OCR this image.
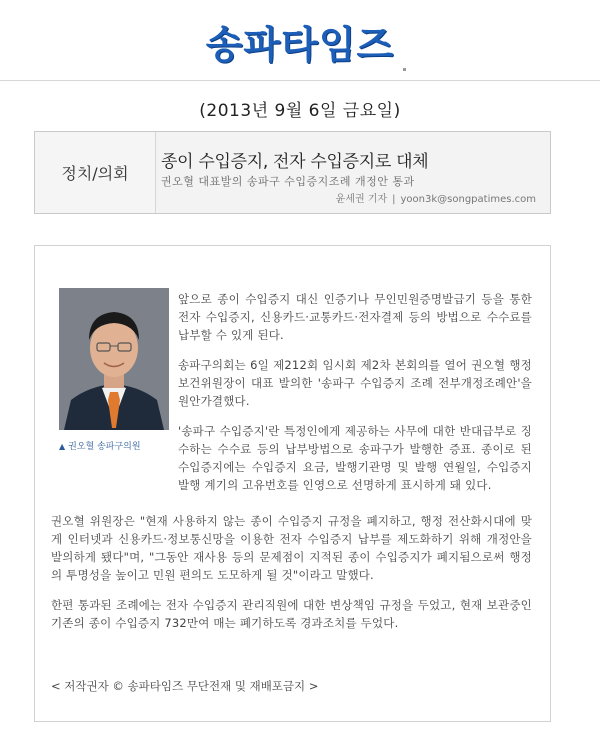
송파타임즈
(2013년 9월 6일 금요일)
정치/의회
종이 수입증지, 전자 수입증지로 대체
권오혈 대표발의 송파구 수입증지조례 개정안 통과
윤세권 기자 | yoon3k@songpatimes.com
▲ 권오혈 송파구의원
앞으로 종이 수입증지 대신 인증기나 무인민원증명발급기 등을 통한 전자 수입증지, 신용카드·교통카드·전자결제 등의 방법으로 수수료를 납부할 수 있게 된다.
송파구의회는 6일 제212회 임시회 제2차 본회의를 열어 권오혈 행정보건위원장이 대표 발의한 '송파구 수입증지 조례 전부개정조례안'을 원안가결했다.
'송파구 수입증지'란 특정인에게 제공하는 사무에 대한 반대급부로 징수하는 수수료 등의 납부방법으로 송파구가 발행한 증표. 종이로 된 수입증지에는 수입증지 요금, 발행기관명 및 발행 연월일, 수입증지 발행 계기의 고유번호를 인영으로 선명하게 표시하게 돼 있다.
권오혈 위원장은 "현재 사용하지 않는 종이 수입증지 규정을 폐지하고, 행정 전산화시대에 맞게 인터넷과 신용카드·정보통신망을 이용한 전자 수입증지 납부를 제도화하기 위해 개정안을 발의하게 됐다"며, "그동안 재사용 등의 문제점이 지적된 종이 수입증지가 폐지됨으로써 행정의 투명성을 높이고 민원 편의도 도모하게 될 것"이라고 말했다.
한편 통과된 조례에는 전자 수입증지 관리직원에 대한 변상책임 규정을 두었고, 현재 보관중인 기존의 종이 수입증지 732만여 매는 폐기하도록 경과조치를 두었다.
< 저작권자 © 송파타임즈 무단전재 및 재배포금지 >
